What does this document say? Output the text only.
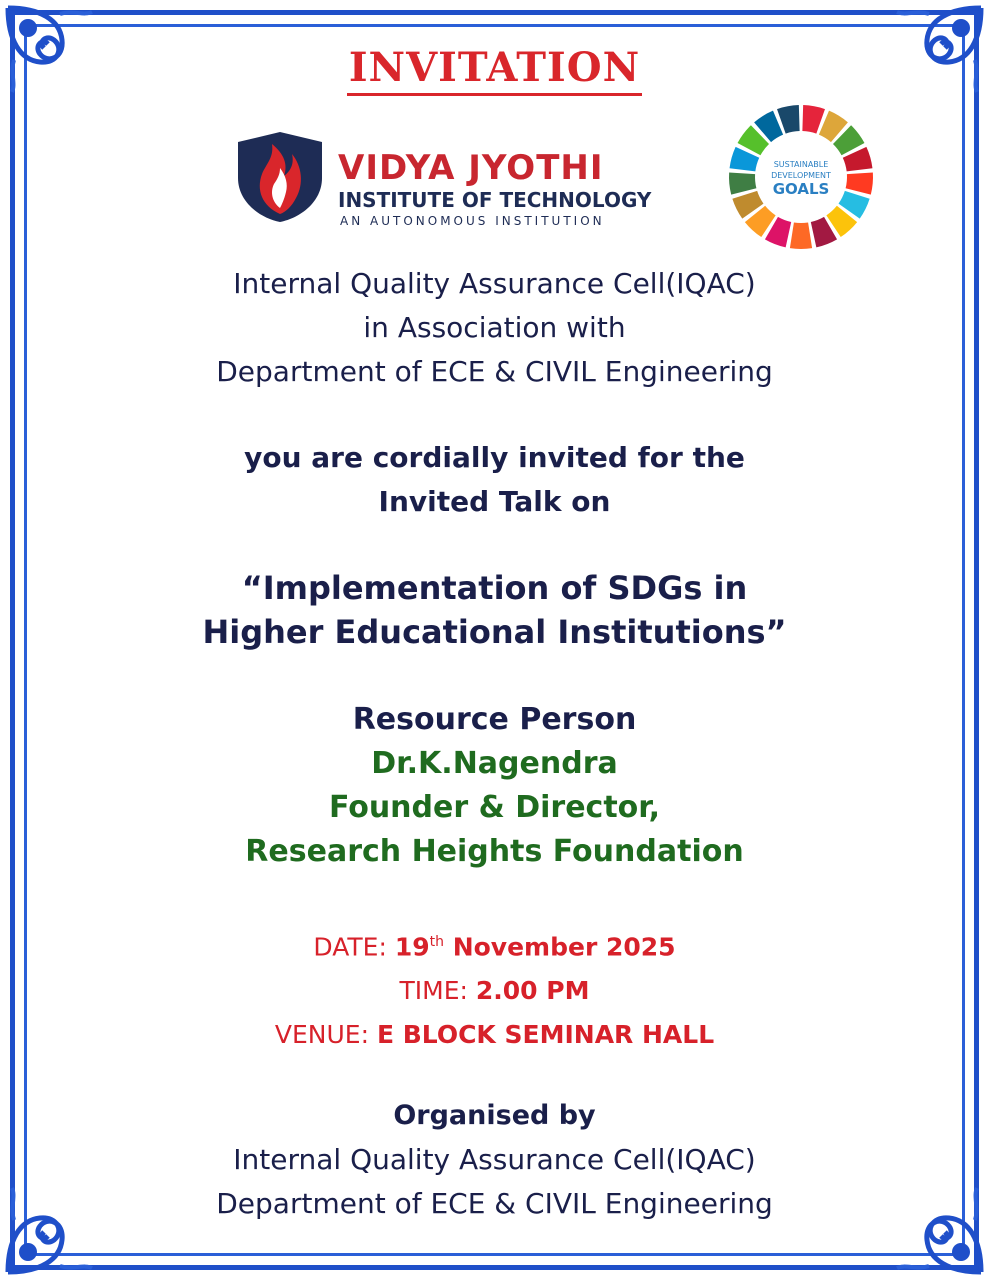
INVITATION
VIDYA JYOTHI
INSTITUTE OF TECHNOLOGY
AN AUTONOMOUS INSTITUTION
SUSTAINABLE
DEVELOPMENT
GOALS
Internal Quality Assurance Cell(IQAC)
in Association with
Department of ECE & CIVIL Engineering
you are cordially invited for the
Invited Talk on
“Implementation of SDGs in
Higher Educational Institutions”
Resource Person
Dr.K.Nagendra
Founder & Director,
Research Heights Foundation
DATE: 19th November 2025
TIME: 2.00 PM
VENUE: E BLOCK SEMINAR HALL
Organised by
Internal Quality Assurance Cell(IQAC)
Department of ECE & CIVIL Engineering
